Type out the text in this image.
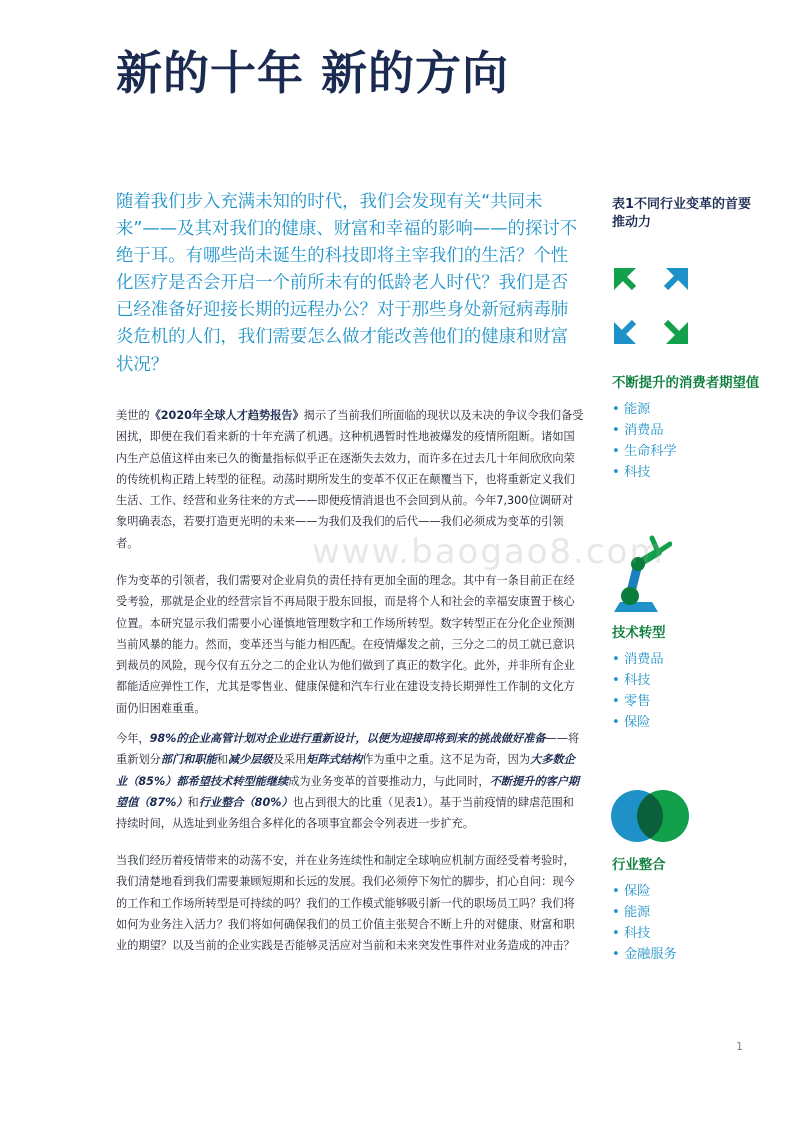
新的十年 新的方向

随着我们步入充满未知的时代，我们会发现有关“共同未来”——及其对我们的健康、财富和幸福的影响——的探讨不绝于耳。有哪些尚未诞生的科技即将主宰我们的生活？个性化医疗是否会开启一个前所未有的低龄老人时代？我们是否已经准备好迎接长期的远程办公？对于那些身处新冠病毒肺炎危机的人们，我们需要怎么做才能改善他们的健康和财富状况？

美世的《2020年全球人才趋势报告》揭示了当前我们所面临的现状以及未决的争议令我们备受困扰，即便在我们看来新的十年充满了机遇。这种机遇暂时性地被爆发的疫情所阻断。诸如国内生产总值这样由来已久的衡量指标似乎正在逐渐失去效力，而许多在过去几十年间欣欣向荣的传统机构正踏上转型的征程。动荡时期所发生的变革不仅正在颠覆当下，也将重新定义我们生活、工作、经营和业务往来的方式——即便疫情消退也不会回到从前。今年7,300位调研对象明确表态，若要打造更光明的未来——为我们及我们的后代——我们必须成为变革的引领者。

作为变革的引领者，我们需要对企业肩负的责任持有更加全面的理念。其中有一条目前正在经受考验，那就是企业的经营宗旨不再局限于股东回报，而是将个人和社会的幸福安康置于核心位置。本研究显示我们需要小心谨慎地管理数字和工作场所转型。数字转型正在分化企业预测当前风暴的能力。然而，变革还当与能力相匹配。在疫情爆发之前，三分之二的员工就已意识到裁员的风险，现今仅有五分之二的企业认为他们做到了真正的数字化。此外，并非所有企业都能适应弹性工作，尤其是零售业、健康保健和汽车行业在建设支持长期弹性工作制的文化方面仍旧困难重重。

今年，98%的企业高管计划对企业进行重新设计，以便为迎接即将到来的挑战做好准备——将重新划分部门和职能和减少层级及采用矩阵式结构作为重中之重。这不足为奇，因为大多数企业（85%）都希望技术转型能继续成为业务变革的首要推动力，与此同时，不断提升的客户期望值（87%）和行业整合（80%）也占到很大的比重（见表1）。基于当前疫情的肆虐范围和持续时间，从选址到业务组合多样化的各项事宜都会令列表进一步扩充。

当我们经历着疫情带来的动荡不安，并在业务连续性和制定全球响应机制方面经受着考验时，我们清楚地看到我们需要兼顾短期和长远的发展。我们必须停下匆忙的脚步，扪心自问：现今的工作和工作场所转型是可持续的吗？我们的工作模式能够吸引新一代的职场员工吗？我们将如何为业务注入活力？我们将如何确保我们的员工价值主张契合不断上升的对健康、财富和职业的期望？以及当前的企业实践是否能够灵活应对当前和未来突发性事件对业务造成的冲击？

表1不同行业变革的首要推动力

不断提升的消费者期望值

• 能源
• 消费品
• 生命科学
• 科技

技术转型

• 消费品
• 科技
• 零售
• 保险

行业整合

• 保险
• 能源
• 科技
• 金融服务
www.baogao8.com
1
